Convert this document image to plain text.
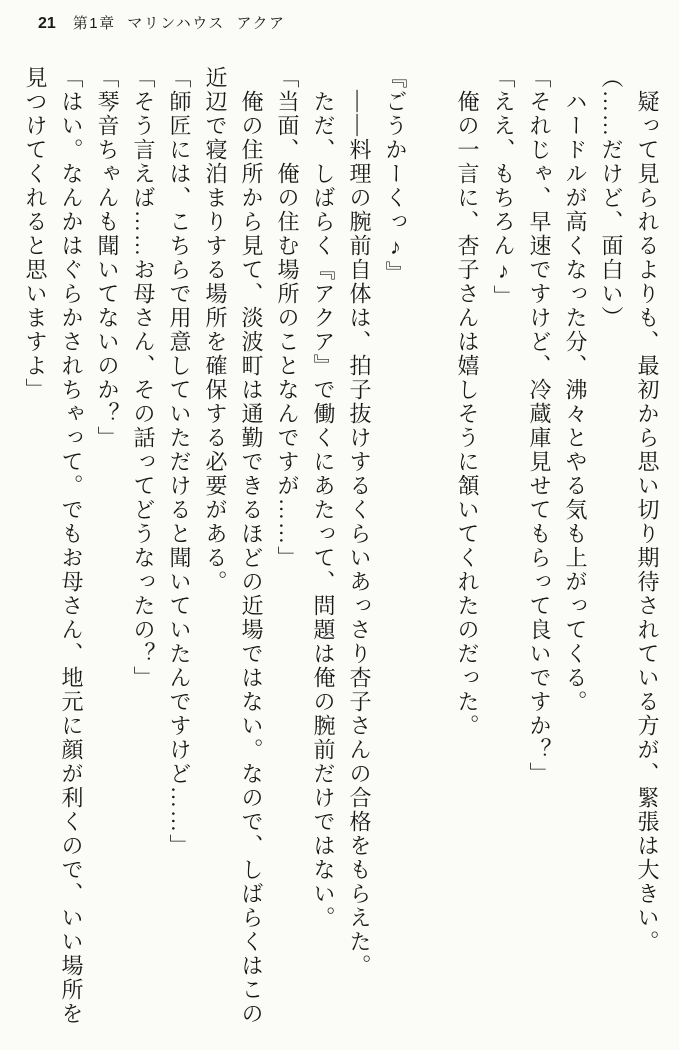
21 第1章 マリンハウス アクア

疑って見られるよりも、最初から思い切り期待されている方が、緊張は大きい。

（……だけど、面白い）

ハードルが高くなった分、沸々とやる気も上がってくる。

「それじゃ、早速ですけど、冷蔵庫見せてもらって良いですか？」

「ええ、もちろん♪」

俺の一言に、杏子さんは嬉しそうに頷いてくれたのだった。

『ごうかーくっ♪』

――料理の腕前自体は、拍子抜けするくらいあっさり杏子さんの合格をもらえた。

ただ、しばらく『アクア』で働くにあたって、問題は俺の腕前だけではない。

「当面、俺の住む場所のことなんですが……」

俺の住所から見て、淡波町は通勤できるほどの近場ではない。なので、しばらくはこの

近辺で寝泊まりする場所を確保する必要がある。

「師匠には、こちらで用意していただけると聞いていたんですけど……」

「そう言えば……お母さん、その話ってどうなったの？」

「琴音ちゃんも聞いてないのか？」

「はい。なんかはぐらかされちゃって。でもお母さん、地元に顔が利くので、いい場所を

見つけてくれると思いますよ」
